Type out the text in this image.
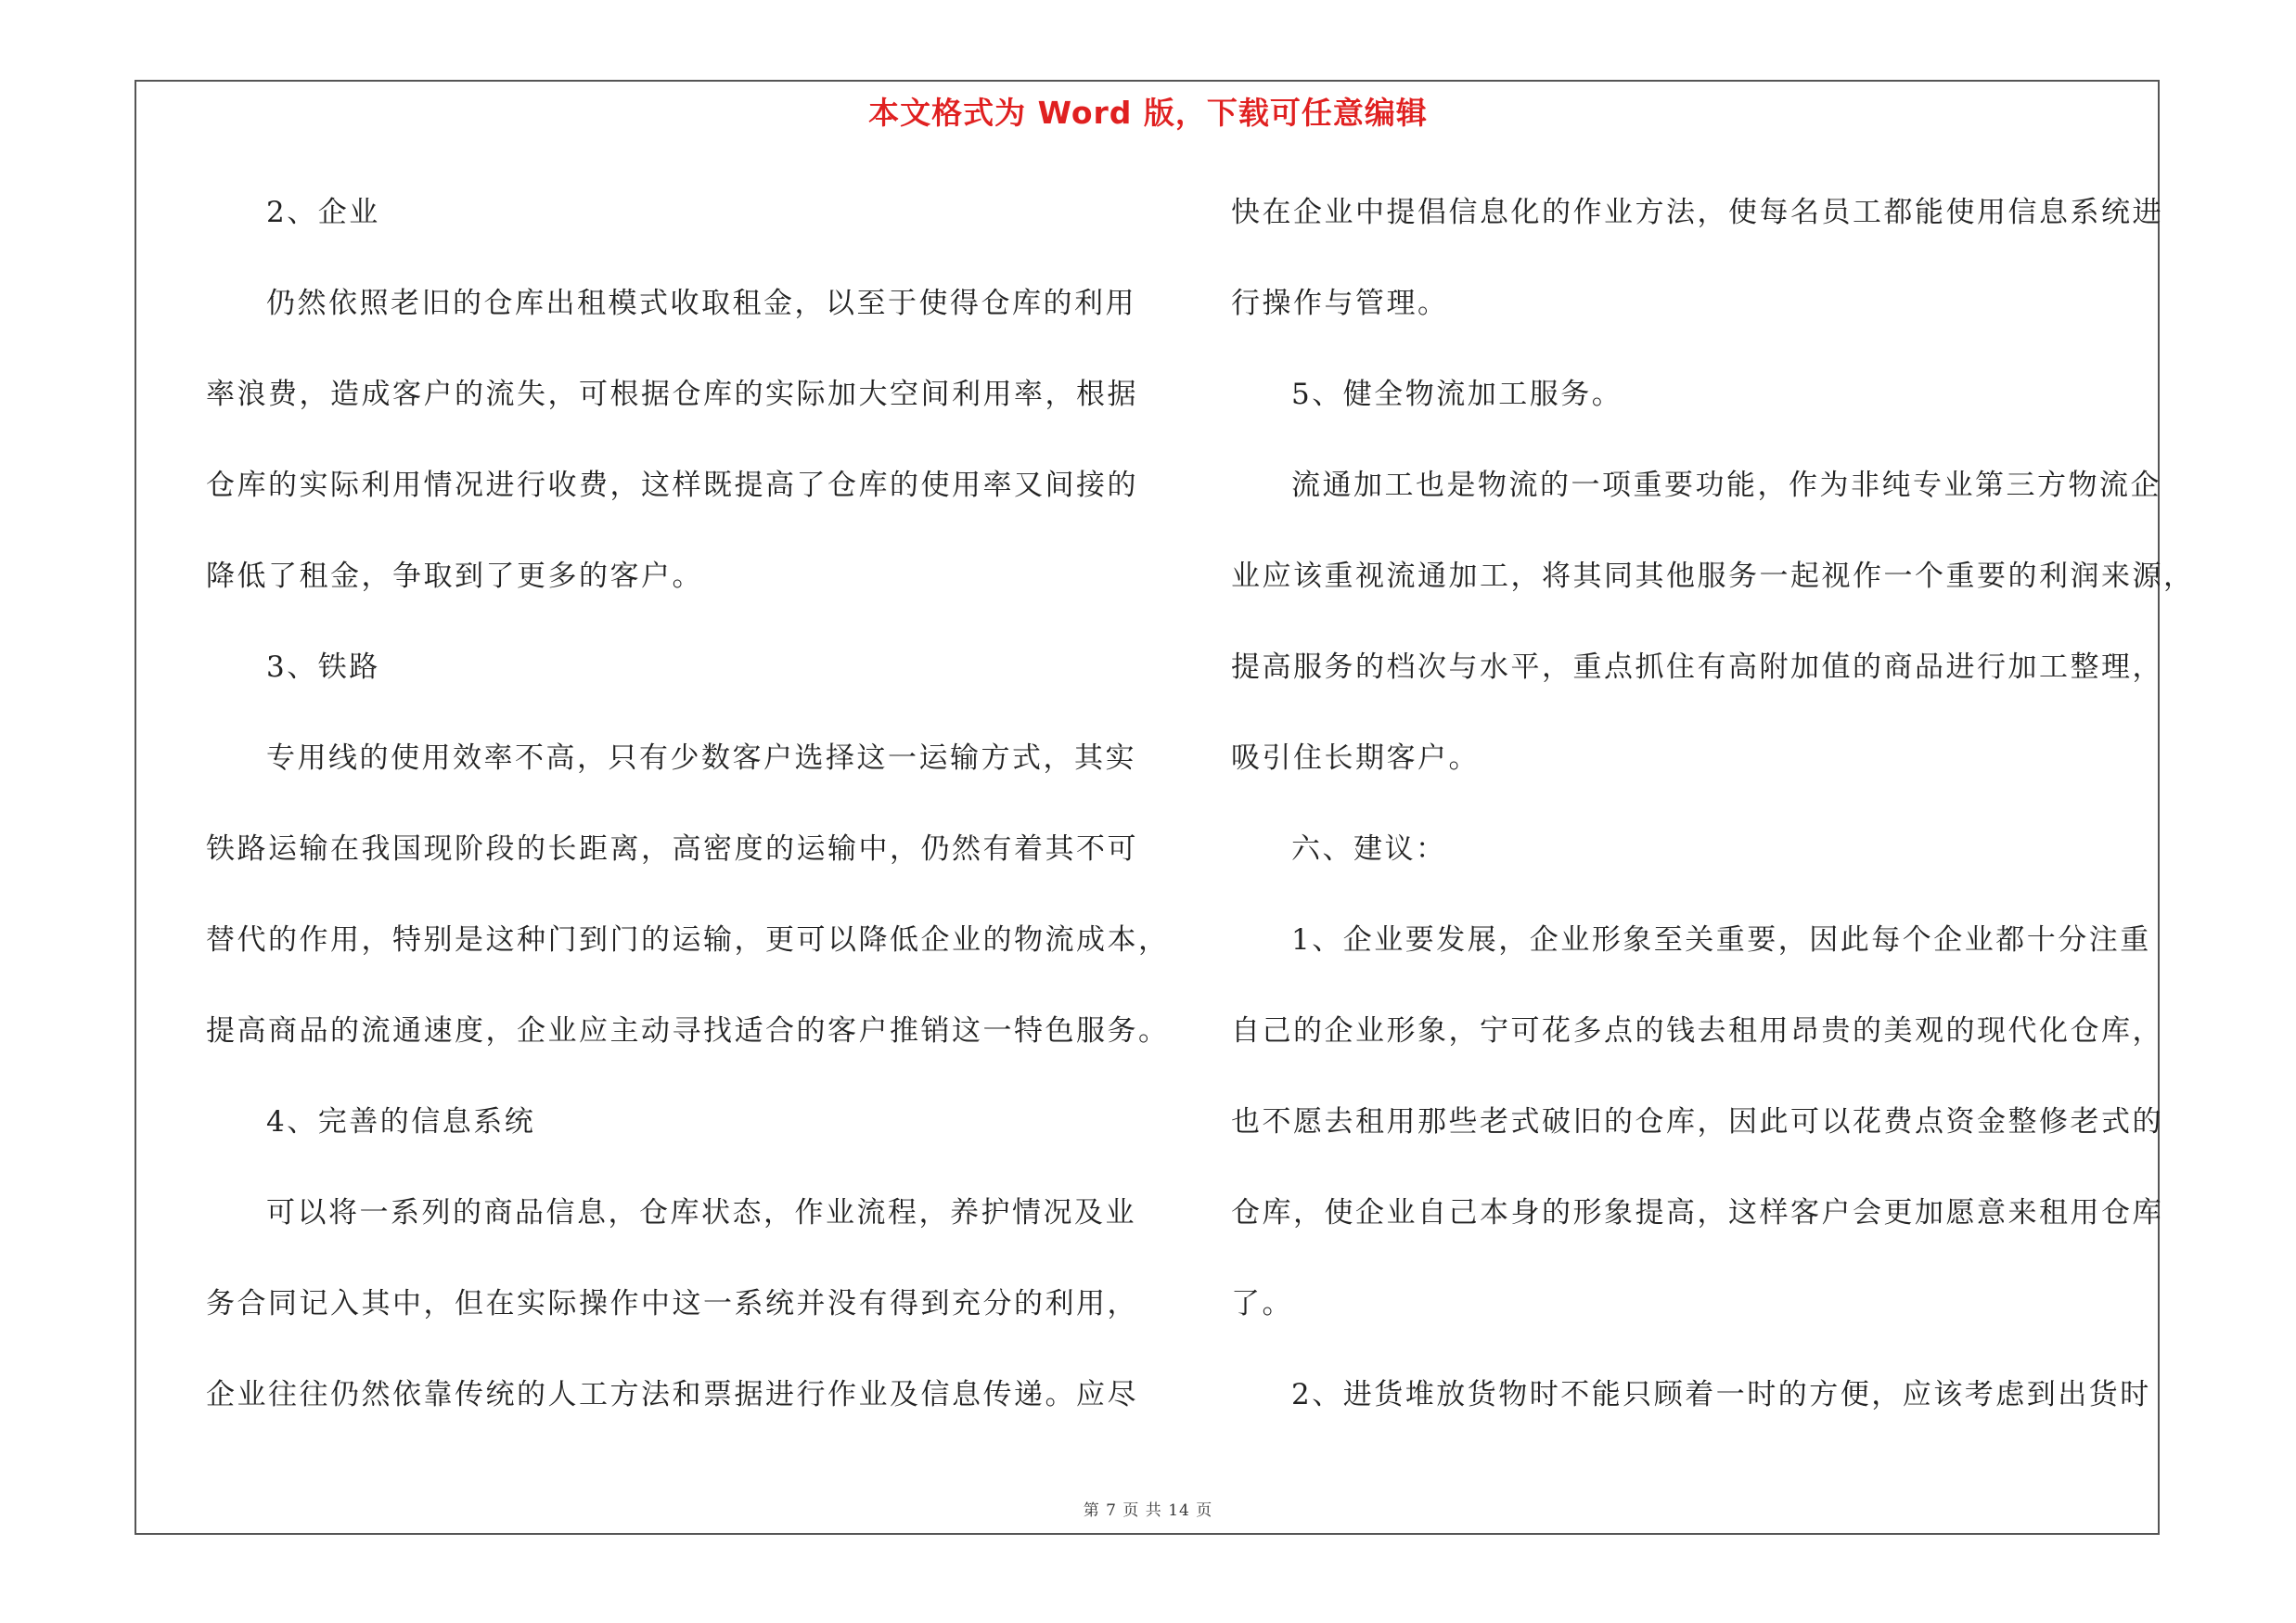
本文格式为 Word 版，下载可任意编辑
2、企业
仍然依照老旧的仓库出租模式收取租金，以至于使得仓库的利用
率浪费，造成客户的流失，可根据仓库的实际加大空间利用率，根据
仓库的实际利用情况进行收费，这样既提高了仓库的使用率又间接的
降低了租金，争取到了更多的客户。
3、铁路
专用线的使用效率不高，只有少数客户选择这一运输方式，其实
铁路运输在我国现阶段的长距离，高密度的运输中，仍然有着其不可
替代的作用，特别是这种门到门的运输，更可以降低企业的物流成本，
提高商品的流通速度，企业应主动寻找适合的客户推销这一特色服务。
4、完善的信息系统
可以将一系列的商品信息，仓库状态，作业流程，养护情况及业
务合同记入其中，但在实际操作中这一系统并没有得到充分的利用，
企业往往仍然依靠传统的人工方法和票据进行作业及信息传递。应尽
快在企业中提倡信息化的作业方法，使每名员工都能使用信息系统进
行操作与管理。
5、健全物流加工服务。
流通加工也是物流的一项重要功能，作为非纯专业第三方物流企
业应该重视流通加工，将其同其他服务一起视作一个重要的利润来源，
提高服务的档次与水平，重点抓住有高附加值的商品进行加工整理，
吸引住长期客户。
六、建议：
1、企业要发展，企业形象至关重要，因此每个企业都十分注重
自己的企业形象，宁可花多点的钱去租用昂贵的美观的现代化仓库，
也不愿去租用那些老式破旧的仓库，因此可以花费点资金整修老式的
仓库，使企业自己本身的形象提高，这样客户会更加愿意来租用仓库
了。
2、进货堆放货物时不能只顾着一时的方便，应该考虑到出货时
第 7 页 共 14 页
